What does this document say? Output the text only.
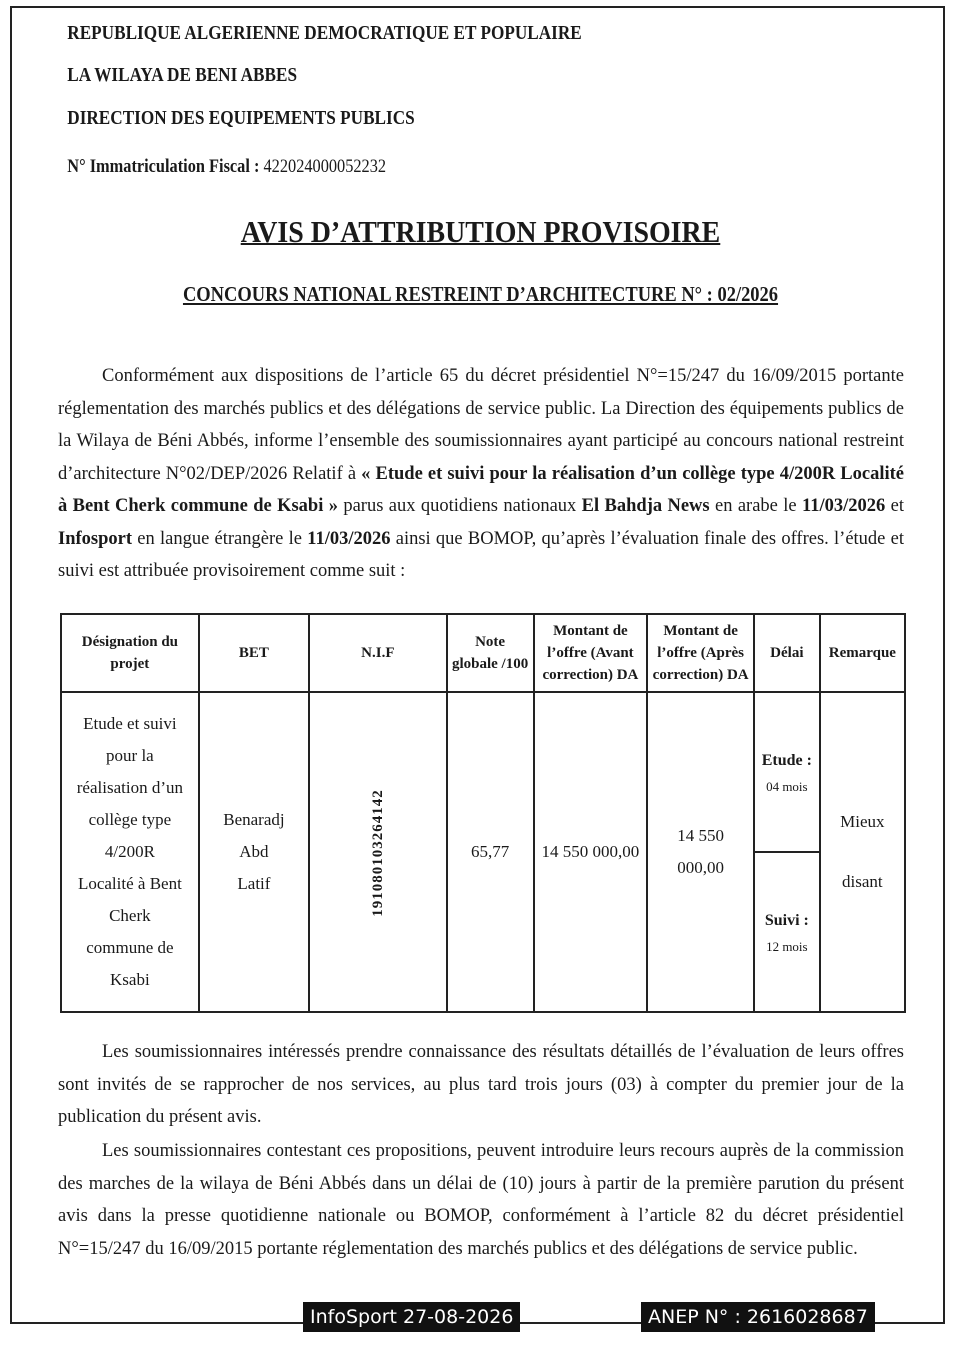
REPUBLIQUE ALGERIENNE DEMOCRATIQUE ET POPULAIRE
LA WILAYA DE BENI ABBES
DIRECTION DES EQUIPEMENTS PUBLICS
N° Immatriculation Fiscal : 422024000052232
AVIS D’ATTRIBUTION PROVISOIRE
CONCOURS NATIONAL RESTREINT D’ARCHITECTURE N° : 02/2026
Conformément aux dispositions de l’article 65 du décret présidentiel N°=15/247 du 16/09/2015 portante réglementation des marchés publics et des délégations de service public. La Direction des équipements publics de la Wilaya de Béni Abbés, informe l’ensemble des soumissionnaires ayant participé au concours national restreint d’architecture N°02/DEP/2026 Relatif à « Etude et suivi pour la réalisation d’un collège type 4/200R Localité à Bent Cherk commune de Ksabi » parus aux quotidiens nationaux El Bahdja News en arabe le 11/03/2026 et Infosport en langue étrangère le 11/03/2026 ainsi que BOMOP, qu’après l’évaluation finale des offres. l’étude et suivi est attribuée provisoirement comme suit :
Désignation du projet	BET	N.I.F	Note globale /100	Montant de l’offre (Avant correction) DA	Montant de l’offre (Après correction) DA	Délai	Remarque
Etude et suivi pour la réalisation d’un collège type 4/200R Localité à Bent Cherk commune de Ksabi	Benaradj Abd Latif	191080103264142	65,77	14 550 000,00	14 550 000,00	Etude :
04 mois
Suivi :
12 mois	Mieux disant
Les soumissionnaires intéressés prendre connaissance des résultats détaillés de l’évaluation de leurs offres sont invités de se rapprocher de nos services, au plus tard trois jours (03) à compter du premier jour de la publication du présent avis.
Les soumissionnaires contestant ces propositions, peuvent introduire leurs recours auprès de la commission des marches de la wilaya de Béni Abbés dans un délai de (10) jours à partir de la première parution du présent avis dans la presse quotidienne nationale ou BOMOP, conformément à l’article 82 du décret présidentiel N°=15/247 du 16/09/2015 portante réglementation des marchés publics et des délégations de service public.
InfoSport 27-08-2026	ANEP N° : 2616028687
